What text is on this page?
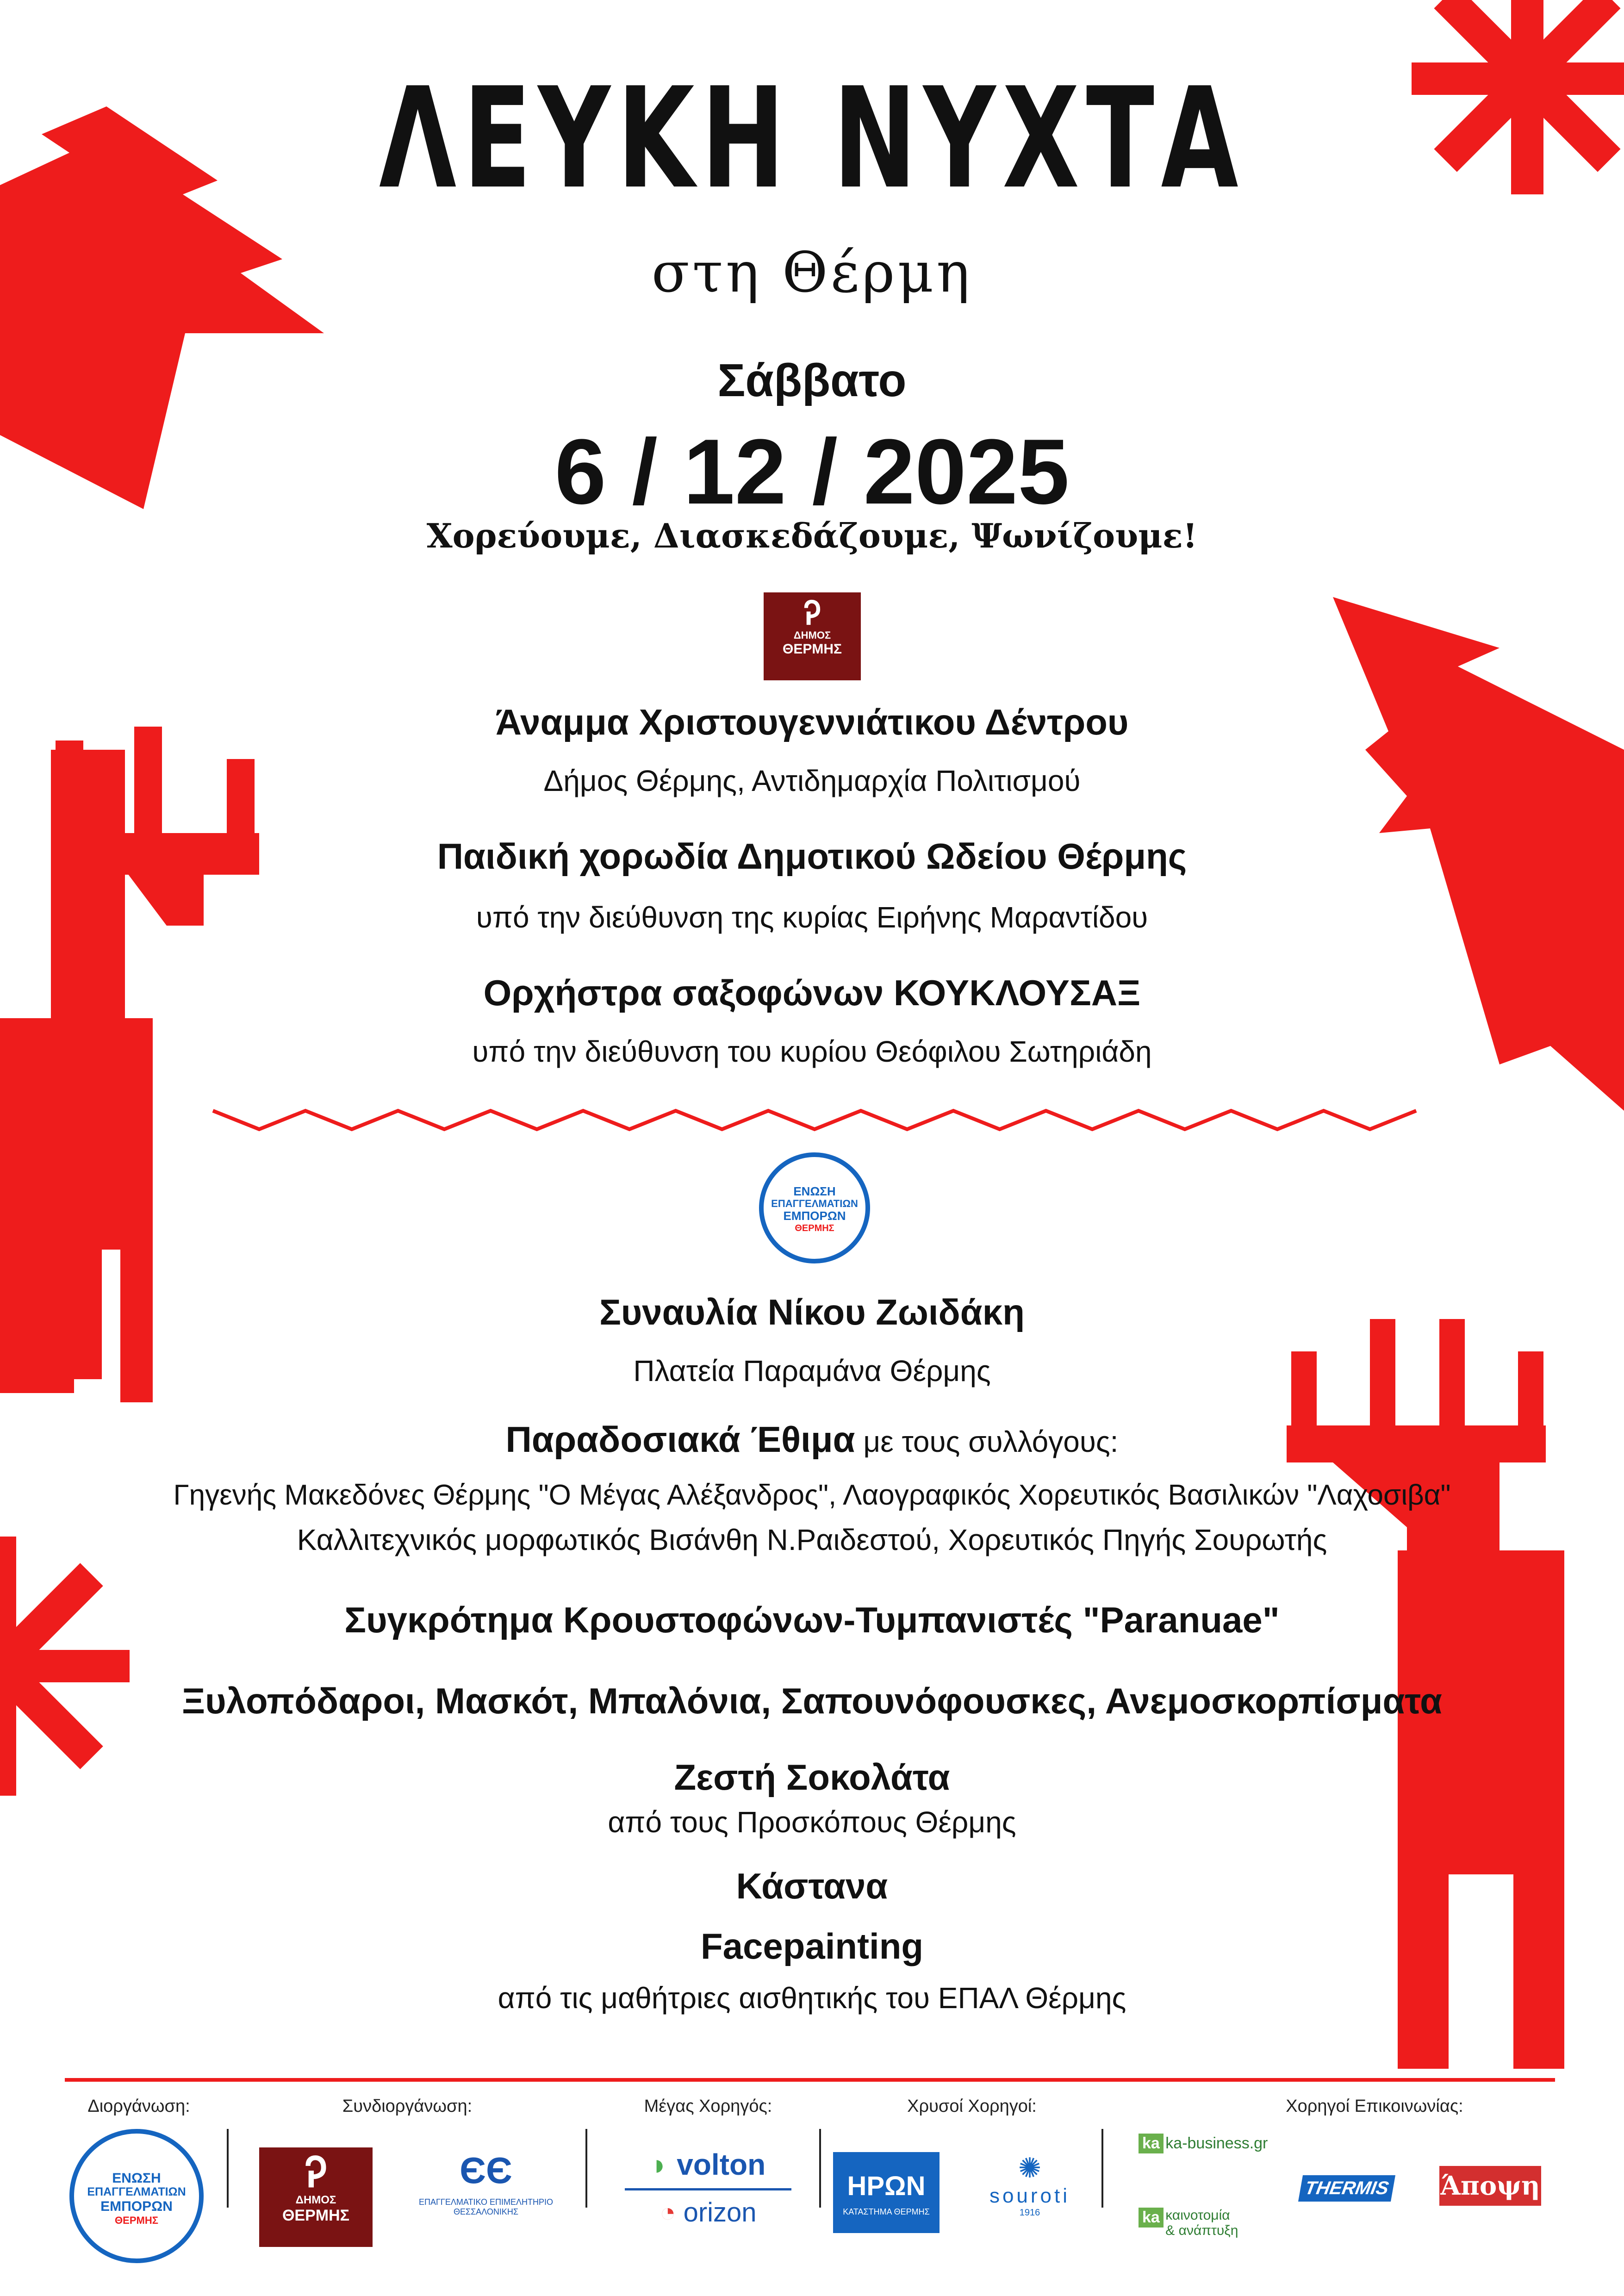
ΛΕΥΚΗ ΝΥΧΤΑ
στη Θέρμη
Σάββατο
6 / 12 / 2025
Χορεύουμε, Διασκεδάζουμε, Ψωνίζουμε!
Ꭾ
ΔΗΜΟΣ
ΘΕΡΜΗΣ
Άναμμα Χριστουγεννιάτικου Δέντρου
Δήμος Θέρμης, Αντιδημαρχία Πολιτισμού
Παιδική χορωδία Δημοτικού Ωδείου Θέρμης
υπό την διεύθυνση της κυρίας Ειρήνης Μαραντίδου
Ορχήστρα σαξοφώνων ΚΟΥΚΛΟΥΣΑΞ
υπό την διεύθυνση του κυρίου Θεόφιλου Σωτηριάδη
ΕΝΩΣΗ
ΕΠΑΓΓΕΛΜΑΤΙΩΝ
ΕΜΠΟΡΩΝ
ΘΕΡΜΗΣ
Συναυλία Νίκου Ζωιδάκη
Πλατεία Παραμάνα Θέρμης
Παραδοσιακά Έθιμα με τους συλλόγους:
Γηγενής Μακεδόνες Θέρμης "Ο Μέγας Αλέξανδρος", Λαογραφικός Χορευτικός Βασιλικών "Λαχοσιβα"
Καλλιτεχνικός μορφωτικός Βισάνθη Ν.Ραιδεστού, Χορευτικός Πηγής Σουρωτής
Συγκρότημα Κρουστοφώνων-Τυμπανιστές "Paranuae"
Ξυλοπόδαροι, Μασκότ, Μπαλόνια, Σαπουνόφουσκες, Ανεμοσκορπίσματα
Ζεστή Σοκολάτα
από τους Προσκόπους Θέρμης
Κάστανα
Facepainting
από τις μαθήτριες αισθητικής του ΕΠΑΛ Θέρμης
Διοργάνωση:	Συνδιοργάνωση:	Μέγας Χορηγός:	Χρυσοί Χορηγοί:	Χορηγοί Επικοινωνίας:
ΕΝΩΣΗ
ΕΠΑΓΓΕΛΜΑΤΙΩΝ
ΕΜΠΟΡΩΝ
ΘΕΡΜΗΣ
Ꭾ
ΔΗΜΟΣ
ΘΕΡΜΗΣ
ЄЄ
ΕΠΑΓΓΕΛΜΑΤΙΚΟ ΕΠΙΜΕΛΗΤΗΡΙΟ
ΘΕΣΣΑΛΟΝΙΚΗΣ
◗ volton
◔ orizon
ΗΡΩΝ
ΚΑΤΑΣΤΗΜΑ ΘΕΡΜΗΣ
✺
souroti
1916
ka ka-business.gr
ka καινοτομία
& ανάπτυξη
THERMIS Άποψη
